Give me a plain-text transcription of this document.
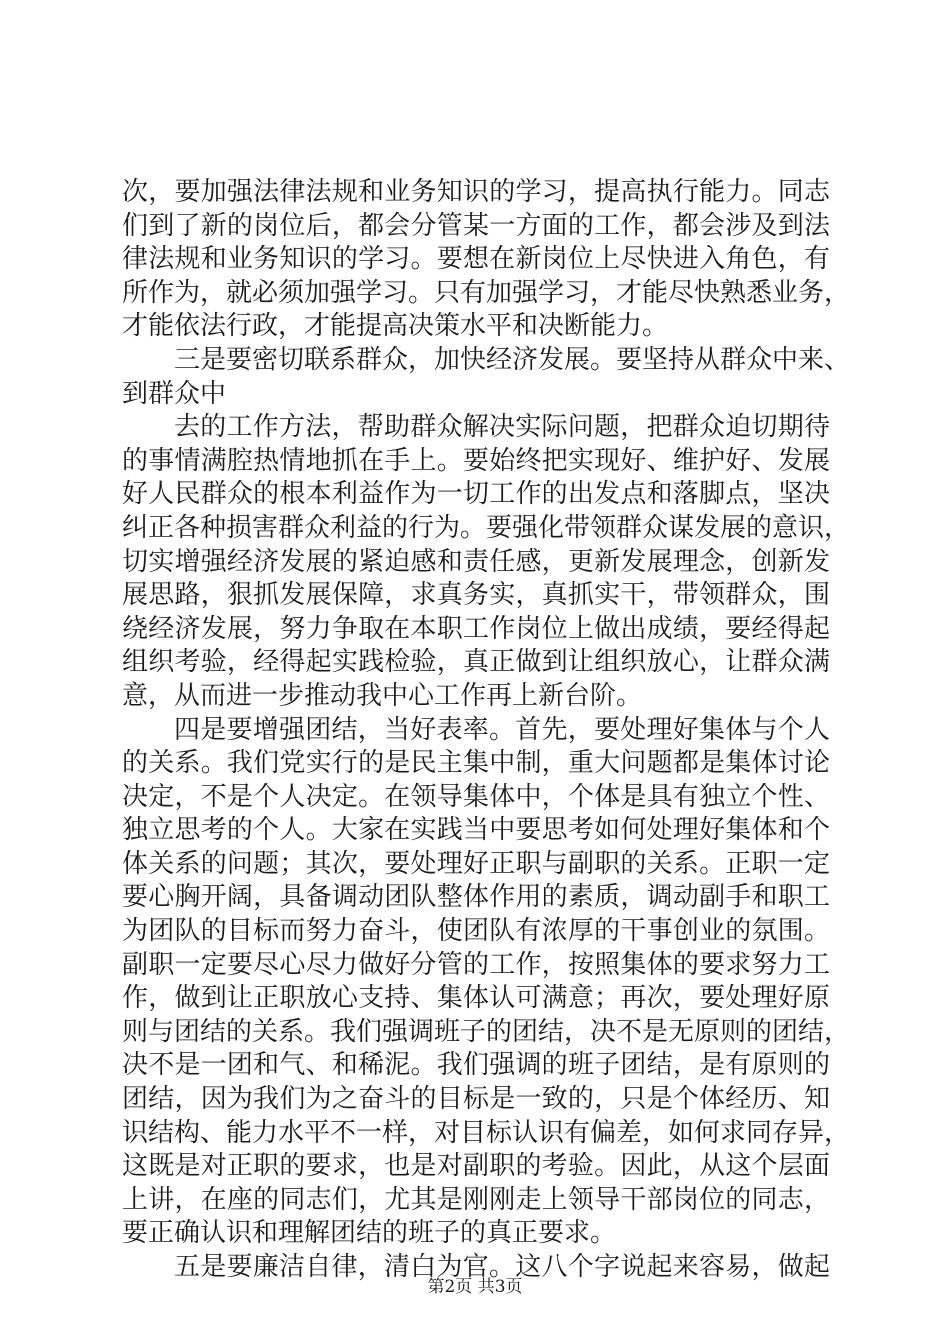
次，要加强法律法规和业务知识的学习，提高执行能力。同志
们到了新的岗位后，都会分管某一方面的工作，都会涉及到法
律法规和业务知识的学习。要想在新岗位上尽快进入角色，有
所作为，就必须加强学习。只有加强学习，才能尽快熟悉业务，
才能依法行政，才能提高决策水平和决断能力。
三是要密切联系群众，加快经济发展。要坚持从群众中来、
到群众中
去的工作方法，帮助群众解决实际问题，把群众迫切期待
的事情满腔热情地抓在手上。要始终把实现好、维护好、发展
好人民群众的根本利益作为一切工作的出发点和落脚点，坚决
纠正各种损害群众利益的行为。要强化带领群众谋发展的意识，
切实增强经济发展的紧迫感和责任感，更新发展理念，创新发
展思路，狠抓发展保障，求真务实，真抓实干，带领群众，围
绕经济发展，努力争取在本职工作岗位上做出成绩，要经得起
组织考验，经得起实践检验，真正做到让组织放心，让群众满
意，从而进一步推动我中心工作再上新台阶。
四是要增强团结，当好表率。首先，要处理好集体与个人
的关系。我们党实行的是民主集中制，重大问题都是集体讨论
决定，不是个人决定。在领导集体中，个体是具有独立个性、
独立思考的个人。大家在实践当中要思考如何处理好集体和个
体关系的问题；其次，要处理好正职与副职的关系。正职一定
要心胸开阔，具备调动团队整体作用的素质，调动副手和职工
为团队的目标而努力奋斗，使团队有浓厚的干事创业的氛围。
副职一定要尽心尽力做好分管的工作，按照集体的要求努力工
作，做到让正职放心支持、集体认可满意；再次，要处理好原
则与团结的关系。我们强调班子的团结，决不是无原则的团结，
决不是一团和气、和稀泥。我们强调的班子团结，是有原则的
团结，因为我们为之奋斗的目标是一致的，只是个体经历、知
识结构、能力水平不一样，对目标认识有偏差，如何求同存异，
这既是对正职的要求，也是对副职的考验。因此，从这个层面
上讲，在座的同志们，尤其是刚刚走上领导干部岗位的同志，
要正确认识和理解团结的班子的真正要求。
五是要廉洁自律，清白为官。这八个字说起来容易，做起
第2页 共3页
